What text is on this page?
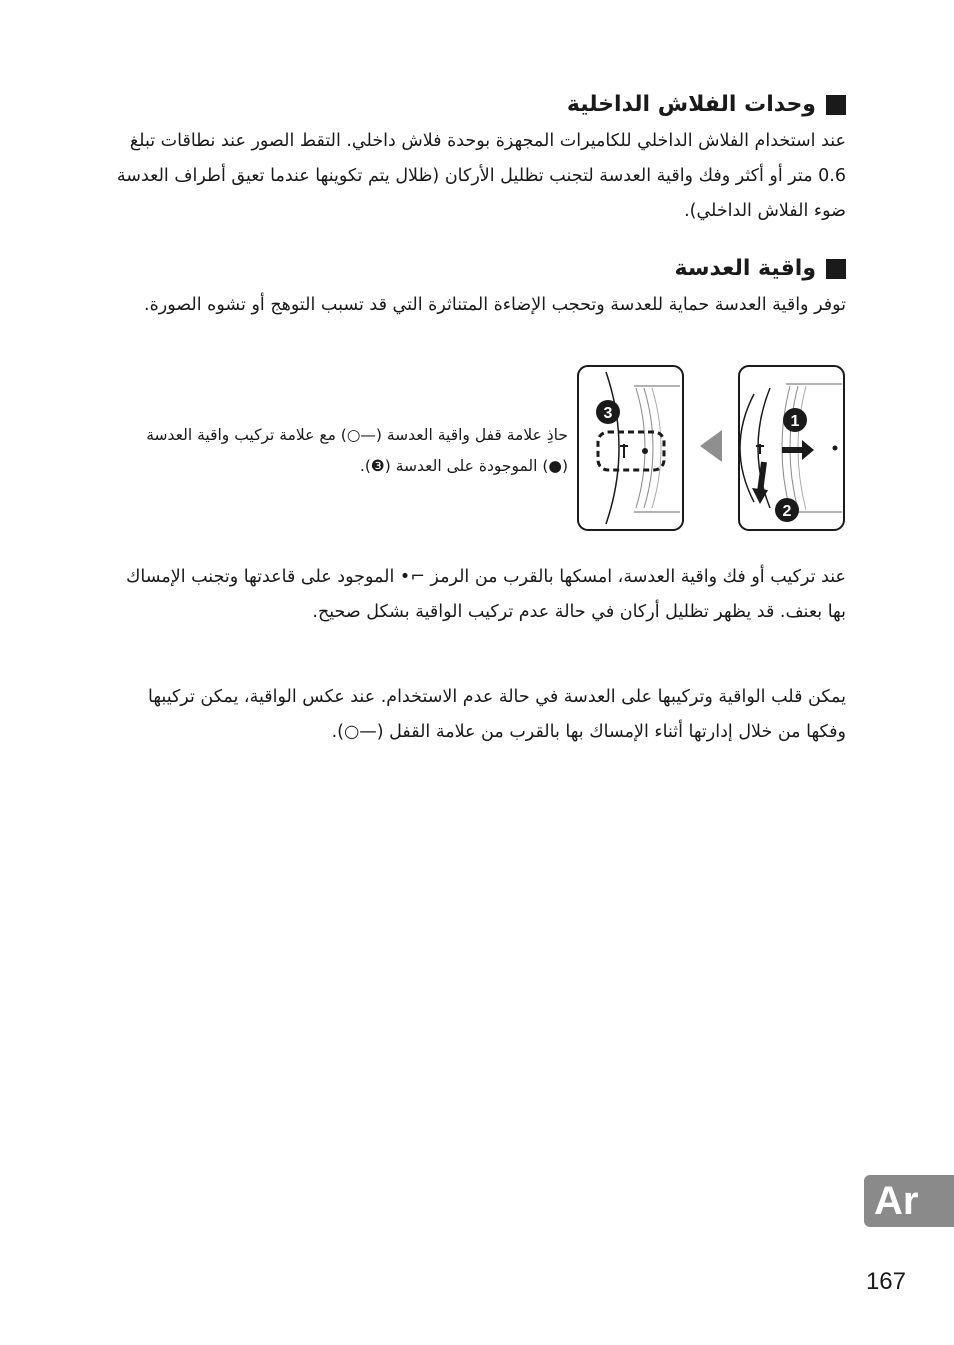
وحدات الفلاش الداخلية
عند استخدام الفلاش الداخلي للكاميرات المجهزة بوحدة فلاش داخلي. التقط الصور عند نطاقات تبلغ 0.6 متر أو أكثر وفك واقية العدسة لتجنب تظليل الأركان (ظلال يتم تكوينها عندما تعيق أطراف العدسة ضوء الفلاش الداخلي).
واقية العدسة
توفر واقية العدسة حماية للعدسة وتحجب الإضاءة المتناثرة التي قد تسبب التوهج أو تشوه الصورة.
حاذِ علامة قفل واقية العدسة (—○) مع علامة تركيب واقية العدسة (●) الموجودة على العدسة (❸).
1
2
3
عند تركيب أو فك واقية العدسة، امسكها بالقرب من الرمز ⌐• الموجود على قاعدتها وتجنب الإمساك بها بعنف. قد يظهر تظليل أركان في حالة عدم تركيب الواقية بشكل صحيح.
يمكن قلب الواقية وتركيبها على العدسة في حالة عدم الاستخدام. عند عكس الواقية، يمكن تركيبها وفكها من خلال إدارتها أثناء الإمساك بها بالقرب من علامة القفل (—○).
Ar
167
